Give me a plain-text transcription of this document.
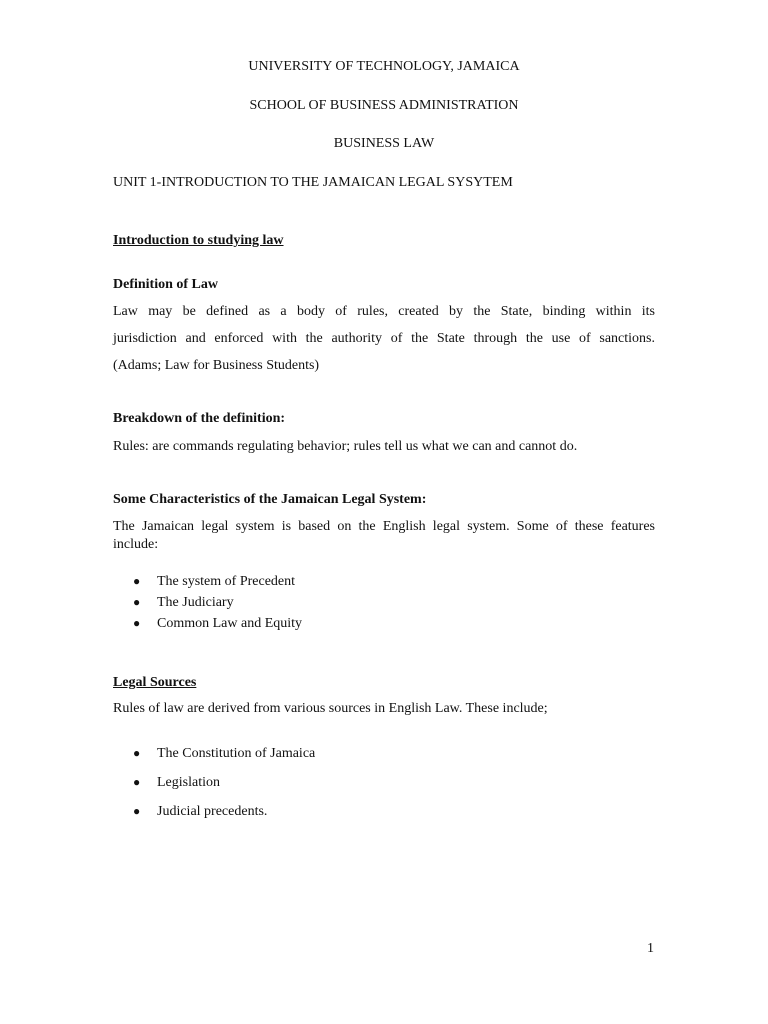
UNIVERSITY OF TECHNOLOGY, JAMAICA
SCHOOL OF BUSINESS ADMINISTRATION
BUSINESS LAW
UNIT 1-INTRODUCTION TO THE JAMAICAN LEGAL SYSYTEM
Introduction to studying law
Definition of Law
Law may be defined as a body of rules, created by the State, binding within its
jurisdiction and enforced with the authority of the State through the use of sanctions.
(Adams; Law for Business Students)
Breakdown of the definition:
Rules: are commands regulating behavior; rules tell us what we can and cannot do.
Some Characteristics of the Jamaican Legal System:
The Jamaican legal system is based on the English legal system. Some of these features
include:
● The system of Precedent
● The Judiciary
● Common Law and Equity
Legal Sources
Rules of law are derived from various sources in English Law. These include;
● The Constitution of Jamaica
● Legislation
● Judicial precedents.
1
